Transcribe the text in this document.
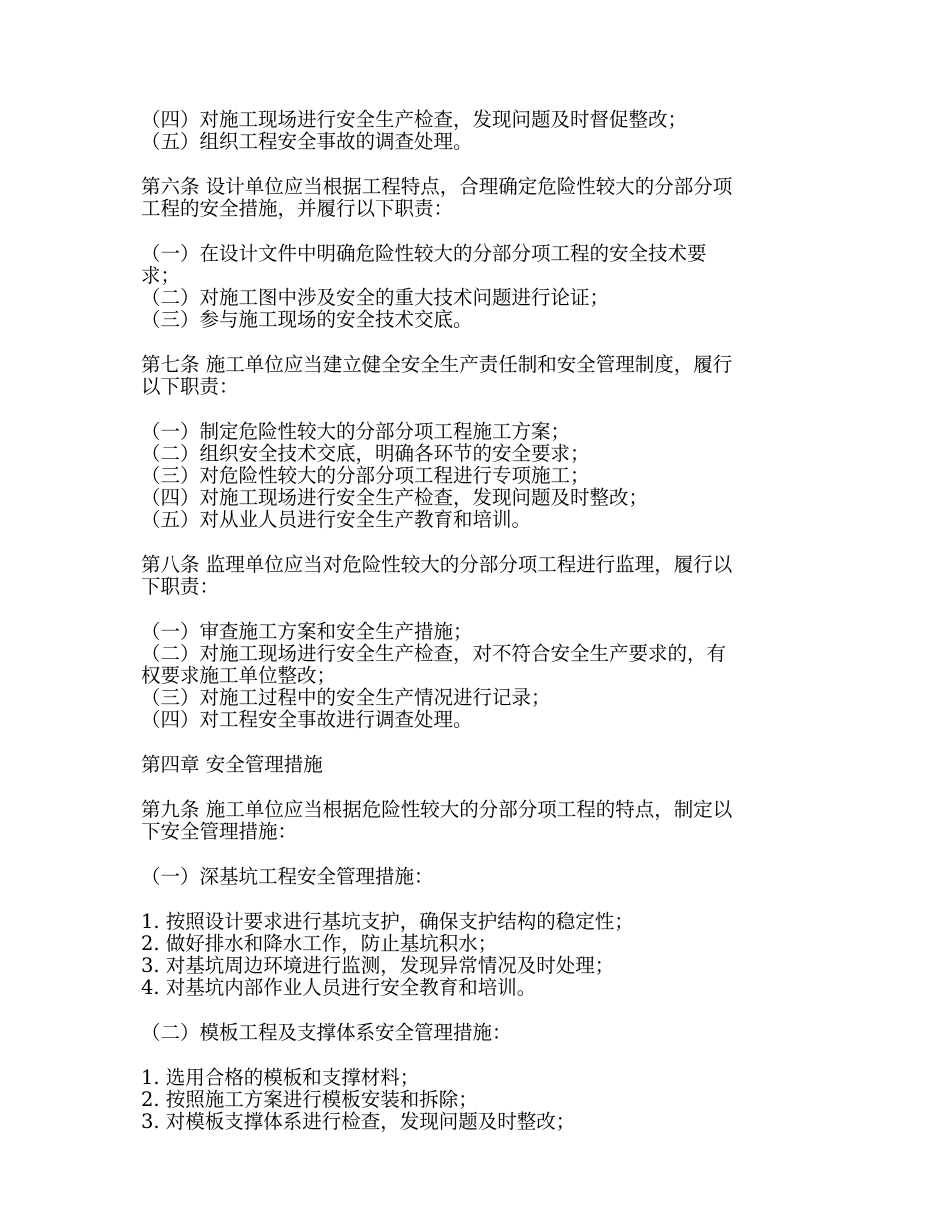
（四）对施工现场进行安全生产检查，发现问题及时督促整改；
（五）组织工程安全事故的调查处理。

第六条 设计单位应当根据工程特点，合理确定危险性较大的分部分项
工程的安全措施，并履行以下职责：

（一）在设计文件中明确危险性较大的分部分项工程的安全技术要
求；
（二）对施工图中涉及安全的重大技术问题进行论证；
（三）参与施工现场的安全技术交底。

第七条 施工单位应当建立健全安全生产责任制和安全管理制度，履行
以下职责：

（一）制定危险性较大的分部分项工程施工方案；
（二）组织安全技术交底，明确各环节的安全要求；
（三）对危险性较大的分部分项工程进行专项施工；
（四）对施工现场进行安全生产检查，发现问题及时整改；
（五）对从业人员进行安全生产教育和培训。

第八条 监理单位应当对危险性较大的分部分项工程进行监理，履行以
下职责：

（一）审查施工方案和安全生产措施；
（二）对施工现场进行安全生产检查，对不符合安全生产要求的，有
权要求施工单位整改；
（三）对施工过程中的安全生产情况进行记录；
（四）对工程安全事故进行调查处理。

第四章 安全管理措施

第九条 施工单位应当根据危险性较大的分部分项工程的特点，制定以
下安全管理措施：

（一）深基坑工程安全管理措施：

1. 按照设计要求进行基坑支护，确保支护结构的稳定性；
2. 做好排水和降水工作，防止基坑积水；
3. 对基坑周边环境进行监测，发现异常情况及时处理；
4. 对基坑内部作业人员进行安全教育和培训。

（二）模板工程及支撑体系安全管理措施：

1. 选用合格的模板和支撑材料；
2. 按照施工方案进行模板安装和拆除；
3. 对模板支撑体系进行检查，发现问题及时整改；
